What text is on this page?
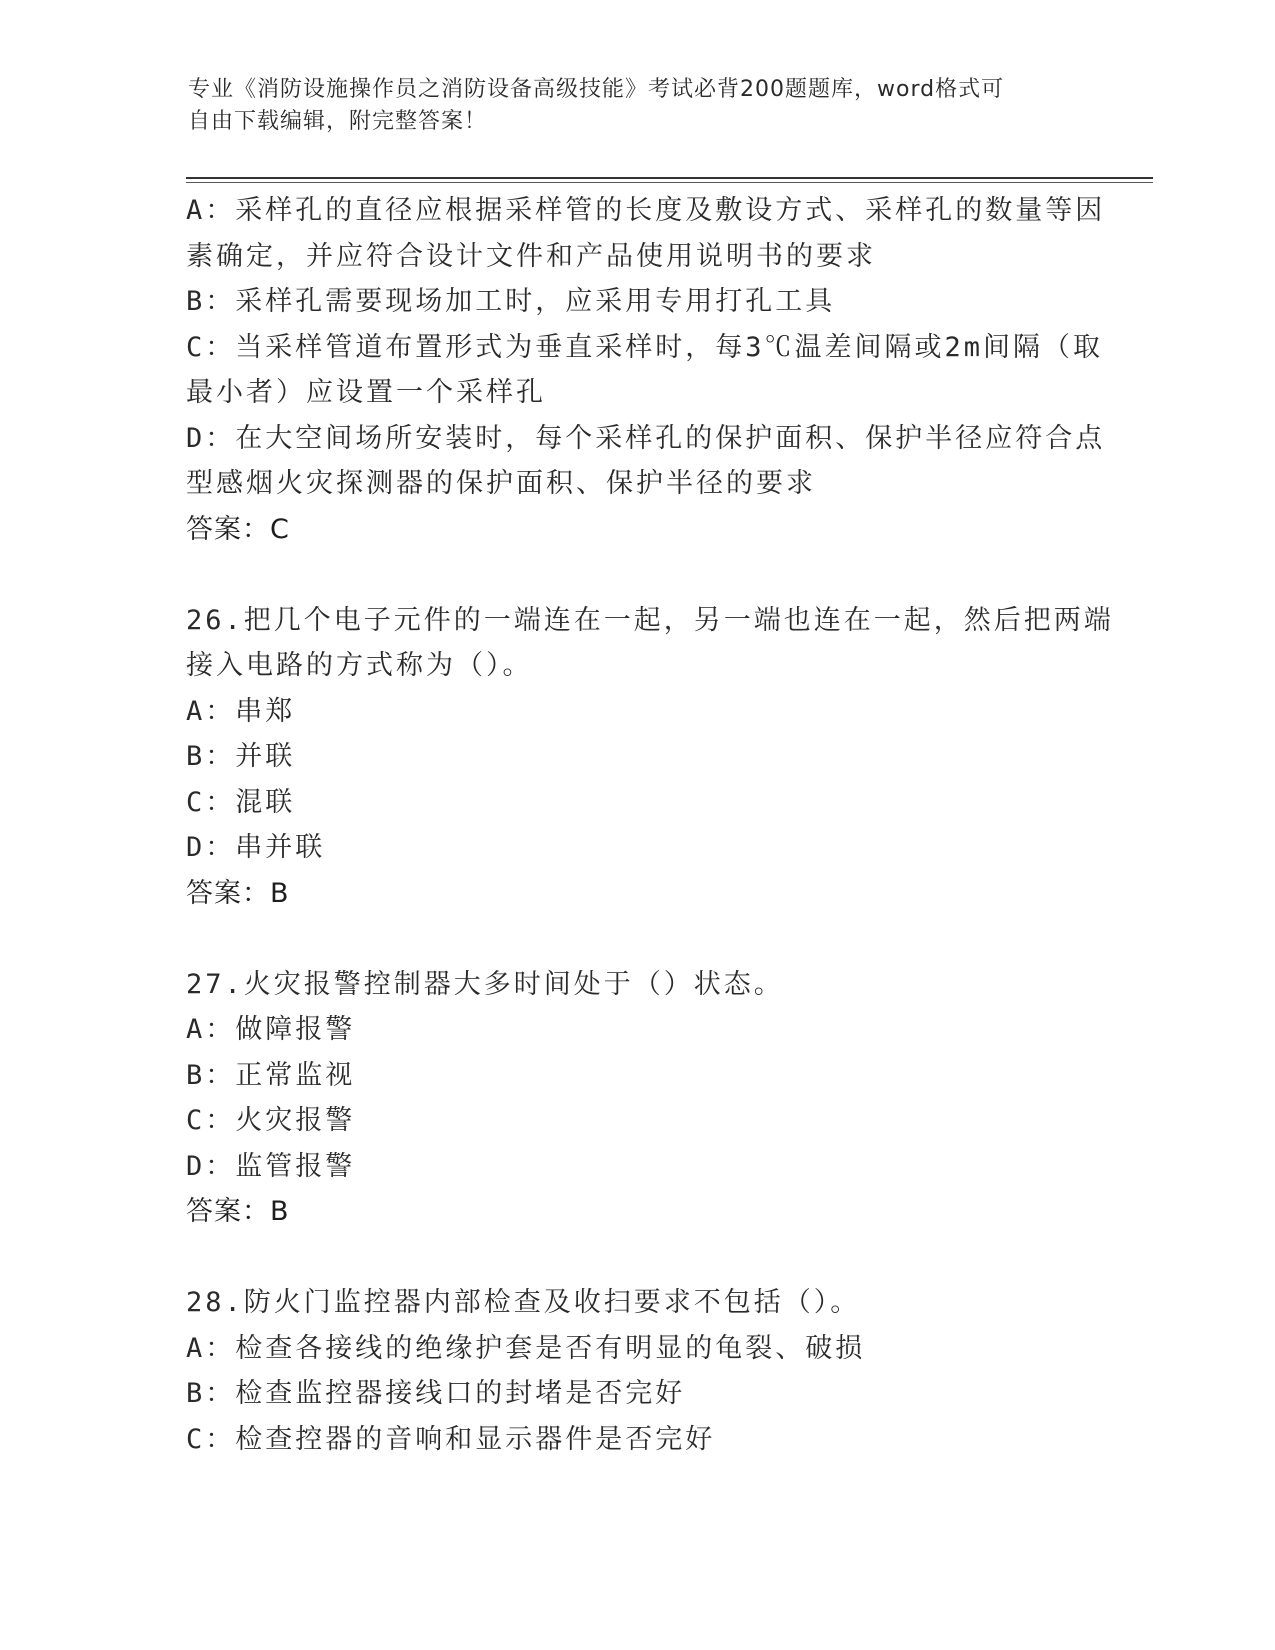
专业《消防设施操作员之消防设备高级技能》考试必背200题题库，word格式可
自由下载编辑，附完整答案！
A：采样孔的直径应根据采样管的长度及敷设方式、采样孔的数量等因
素确定，并应符合设计文件和产品使用说明书的要求
B：采样孔需要现场加工时，应采用专用打孔工具
C：当采样管道布置形式为垂直采样时，每3℃温差间隔或2m间隔（取
最小者）应设置一个采样孔
D：在大空间场所安装时，每个采样孔的保护面积、保护半径应符合点
型感烟火灾探测器的保护面积、保护半径的要求
答案：C
26.把几个电子元件的一端连在一起，另一端也连在一起，然后把两端
接入电路的方式称为（）。
A：串郑
B：并联
C：混联
D：串并联
答案：B
27.火灾报警控制器大多时间处于（）状态。
A：做障报警
B：正常监视
C：火灾报警
D：监管报警
答案：B
28.防火门监控器内部检查及收扫要求不包括（）。
A：检查各接线的绝缘护套是否有明显的龟裂、破损
B：检查监控器接线口的封堵是否完好
C：检查控器的音响和显示器件是否完好
